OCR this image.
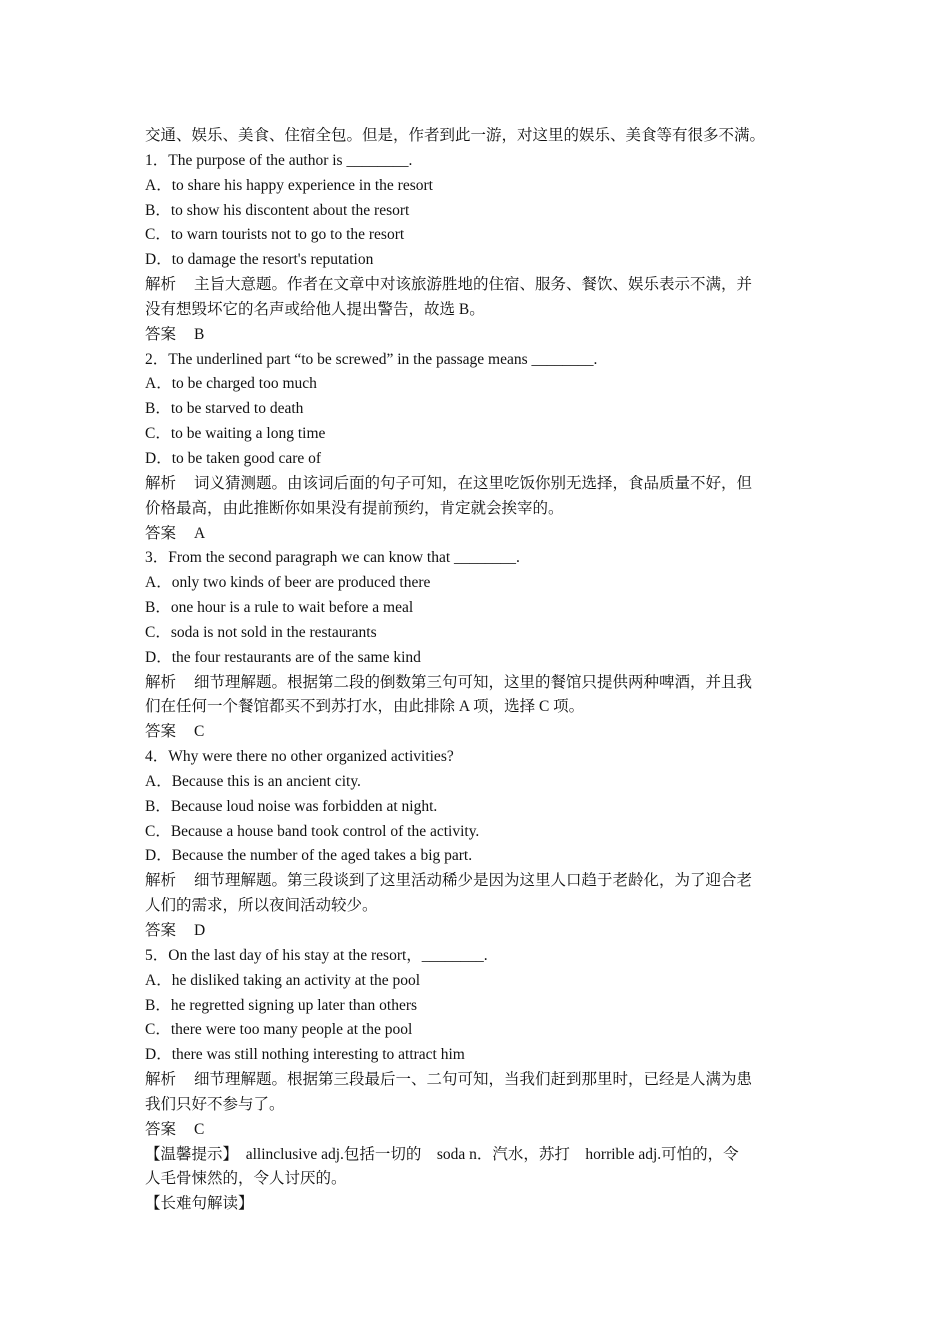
交通、娱乐、美食、住宿全包。但是，作者到此一游，对这里的娱乐、美食等有很多不满。
1．The purpose of the author is ________.
A．to share his happy experience in the resort
B．to show his discontent about the resort
C．to warn tourists not to go to the resort
D．to damage the resort's reputation
解析 主旨大意题。作者在文章中对该旅游胜地的住宿、服务、餐饮、娱乐表示不满，并
没有想毁坏它的名声或给他人提出警告，故选 B。
答案 B
2．The underlined part “to be screwed” in the passage means ________.
A．to be charged too much
B．to be starved to death
C．to be waiting a long time
D．to be taken good care of
解析 词义猜测题。由该词后面的句子可知，在这里吃饭你别无选择，食品质量不好，但
价格最高，由此推断你如果没有提前预约，肯定就会挨宰的。
答案 A
3．From the second paragraph we can know that ________.
A．only two kinds of beer are produced there
B．one hour is a rule to wait before a meal
C．soda is not sold in the restaurants
D．the four restaurants are of the same kind
解析 细节理解题。根据第二段的倒数第三句可知，这里的餐馆只提供两种啤酒，并且我
们在任何一个餐馆都买不到苏打水，由此排除 A 项，选择 C 项。
答案 C
4．Why were there no other organized activities?
A．Because this is an ancient city.
B．Because loud noise was forbidden at night.
C．Because a house band took control of the activity.
D．Because the number of the aged takes a big part.
解析 细节理解题。第三段谈到了这里活动稀少是因为这里人口趋于老龄化，为了迎合老
人们的需求，所以夜间活动较少。
答案 D
5．On the last day of his stay at the resort，________.
A．he disliked taking an activity at the pool
B．he regretted signing up later than others
C．there were too many people at the pool
D．there was still nothing interesting to attract him
解析 细节理解题。根据第三段最后一、二句可知，当我们赶到那里时，已经是人满为患
我们只好不参与了。
答案 C
【温馨提示】　allinclusive adj.包括一切的　soda n．汽水，苏打　horrible adj.可怕的，令
人毛骨悚然的，令人讨厌的。
【长难句解读】
